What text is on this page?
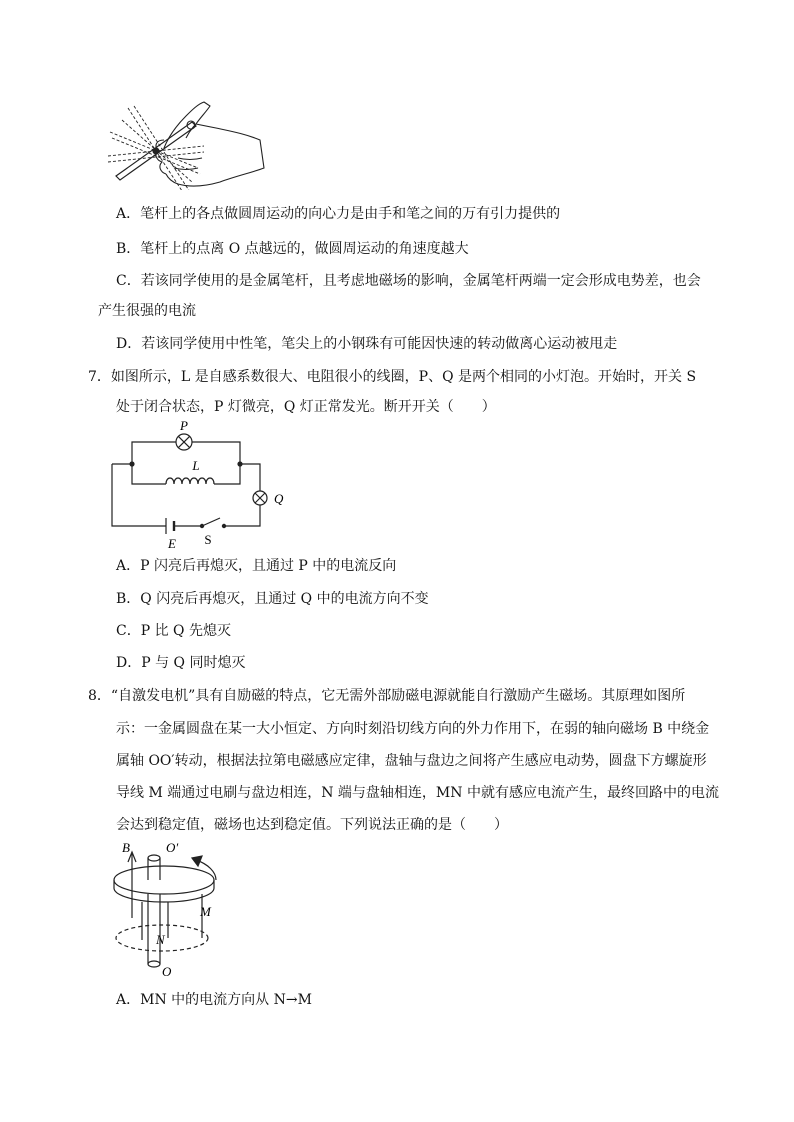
A．笔杆上的各点做圆周运动的向心力是由手和笔之间的万有引力提供的
B．笔杆上的点离 O 点越远的，做圆周运动的角速度越大
C．若该同学使用的是金属笔杆，且考虑地磁场的影响，金属笔杆两端一定会形成电势差，也会
产生很强的电流
D．若该同学使用中性笔，笔尖上的小钢珠有可能因快速的转动做离心运动被甩走
7．如图所示，L 是自感系数很大、电阻很小的线圈，P、Q 是两个相同的小灯泡。开始时，开关 S
处于闭合状态，P 灯微亮，Q 灯正常发光。断开开关（　　）
P
L
Q
E S
A．P 闪亮后再熄灭，且通过 P 中的电流反向
B．Q 闪亮后再熄灭，且通过 Q 中的电流方向不变
C．P 比 Q 先熄灭
D．P 与 Q 同时熄灭
8．“自激发电机”具有自励磁的特点，它无需外部励磁电源就能自行激励产生磁场。其原理如图所
示：一金属圆盘在某一大小恒定、方向时刻沿切线方向的外力作用下，在弱的轴向磁场 B 中绕金
属轴 OO′转动，根据法拉第电磁感应定律，盘轴与盘边之间将产生感应电动势，圆盘下方螺旋形
导线 M 端通过电刷与盘边相连，N 端与盘轴相连，MN 中就有感应电流产生，最终回路中的电流
会达到稳定值，磁场也达到稳定值。下列说法正确的是（　　）
B	O′
M
N
O
A．MN 中的电流方向从 N→M
